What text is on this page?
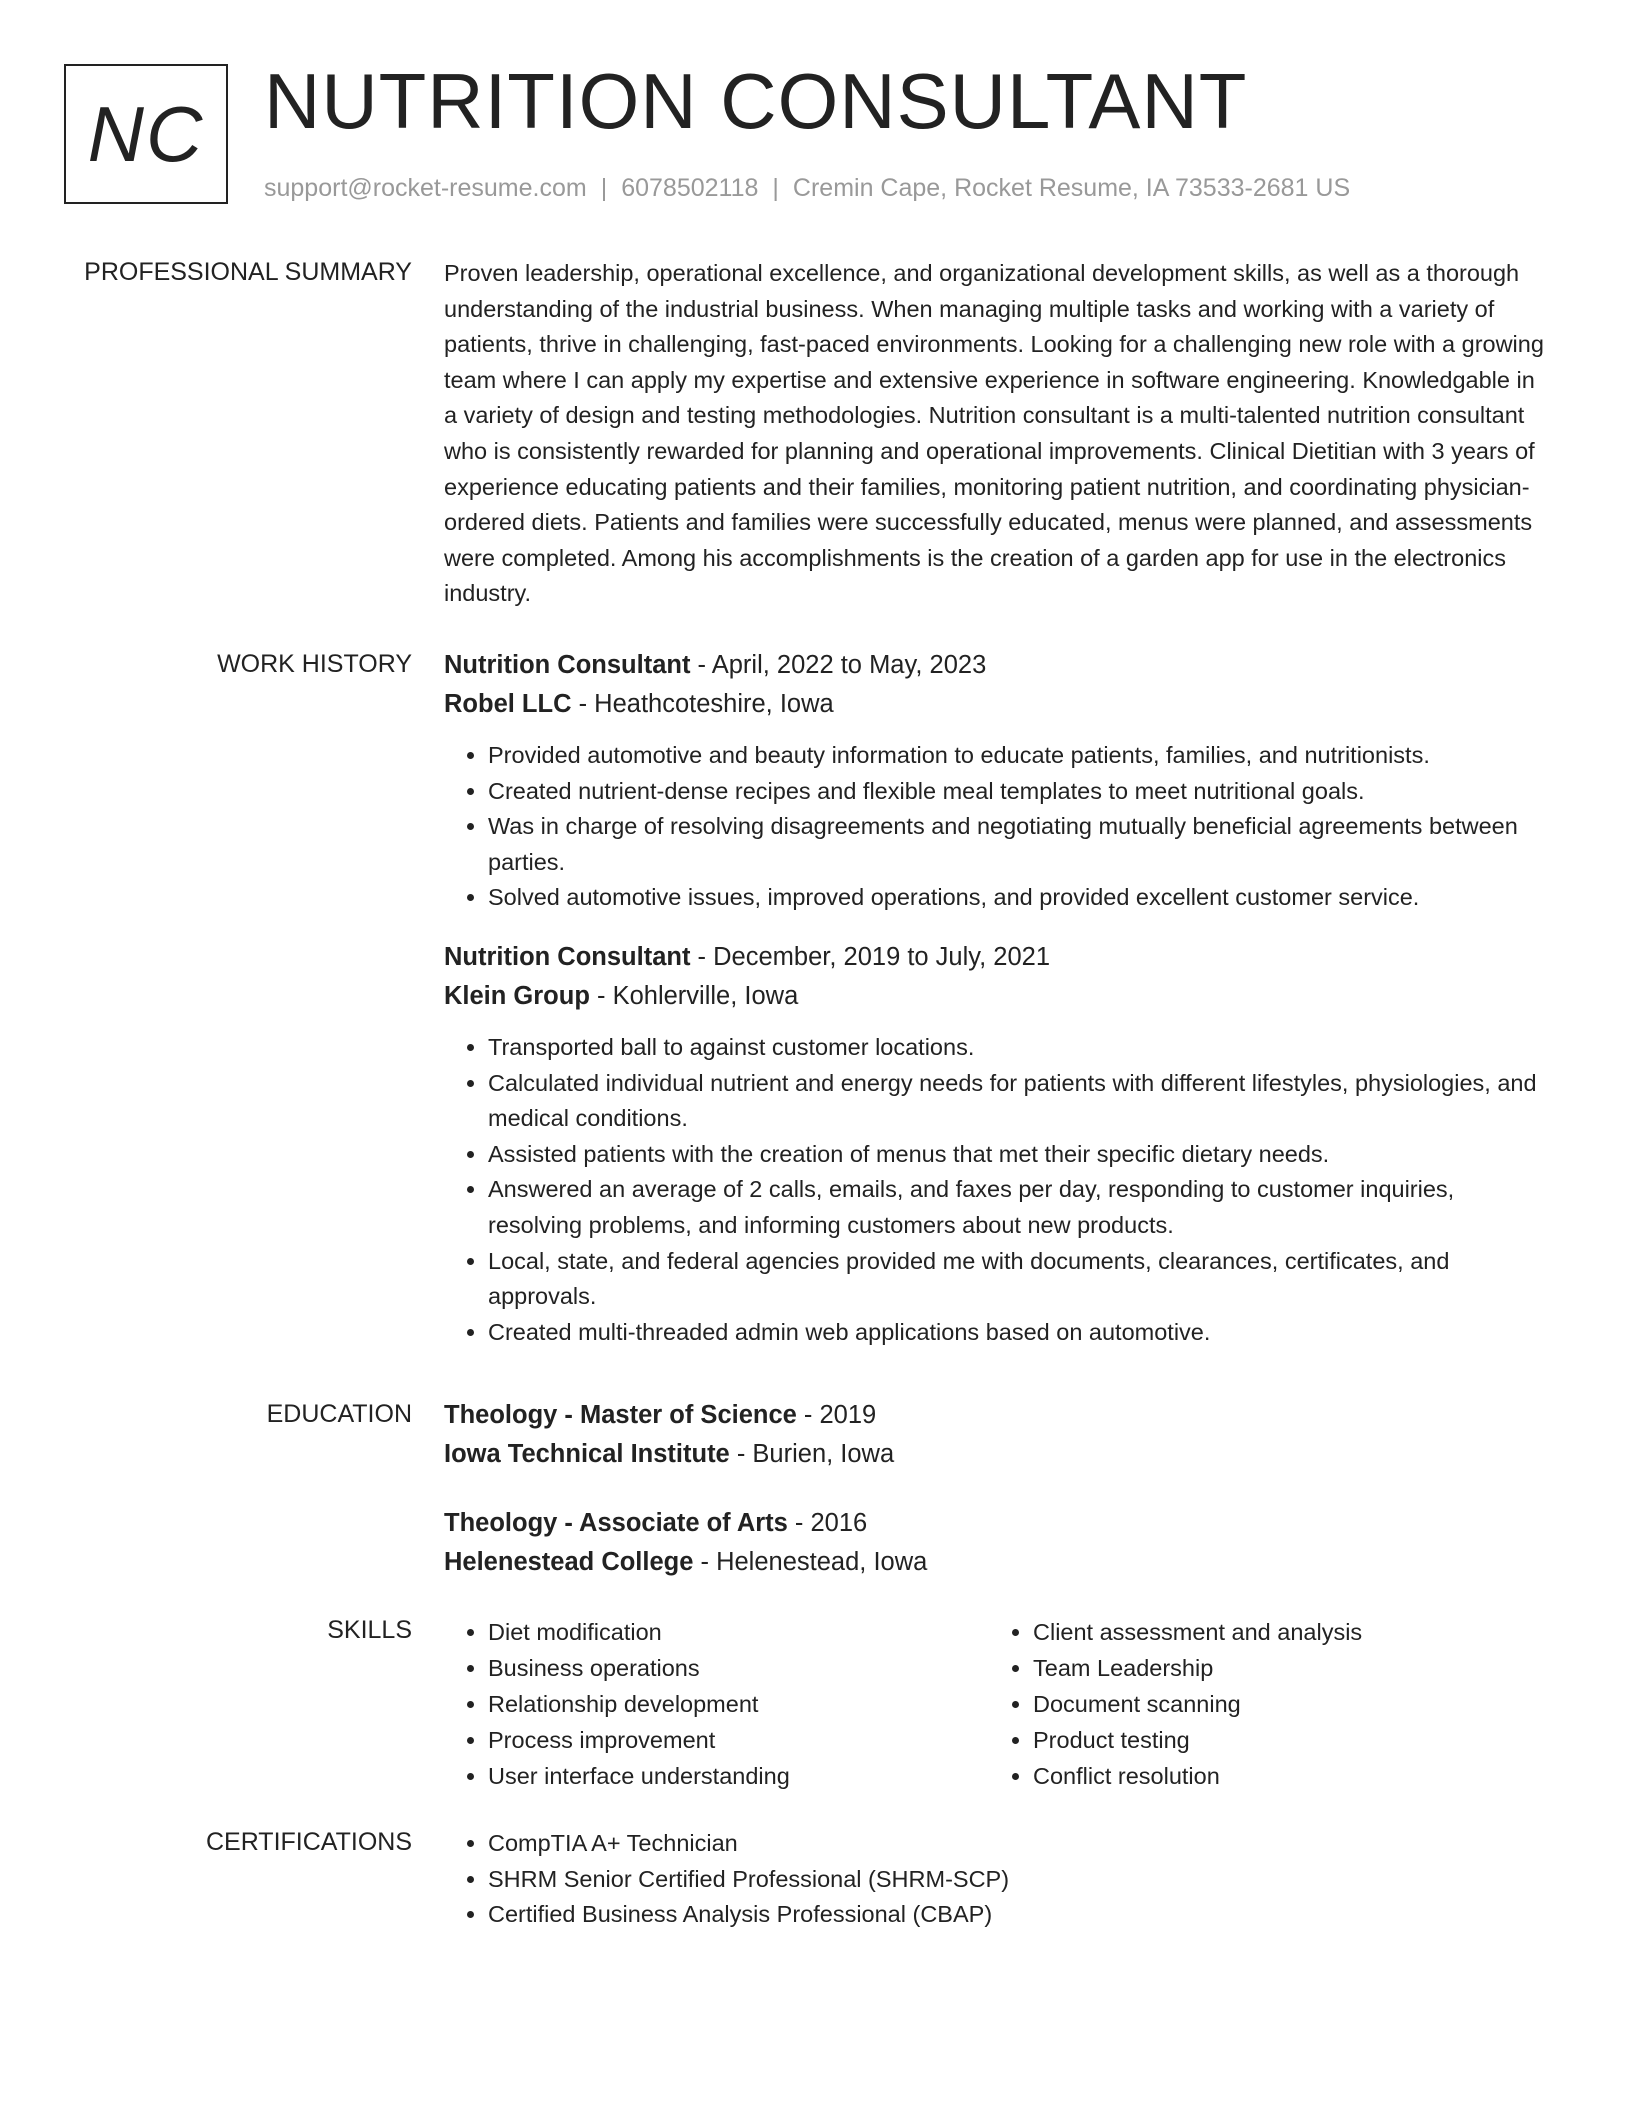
NC NUTRITION CONSULTANT
support@rocket-resume.com | 6078502118 | Cremin Cape, Rocket Resume, IA 73533-2681 US
PROFESSIONAL SUMMARY Proven leadership, operational excellence, and organizational development skills, as well as a thorough understanding of the industrial business. When managing multiple tasks and working with a variety of patients, thrive in challenging, fast-paced environments. Looking for a challenging new role with a growing team where I can apply my expertise and extensive experience in software engineering. Knowledgable in a variety of design and testing methodologies. Nutrition consultant is a multi-talented nutrition consultant who is consistently rewarded for planning and operational improvements. Clinical Dietitian with 3 years of experience educating patients and their families, monitoring patient nutrition, and coordinating physician-ordered diets. Patients and families were successfully educated, menus were planned, and assessments were completed. Among his accomplishments is the creation of a garden app for use in the electronics industry.

WORK HISTORY Nutrition Consultant - April, 2022 to May, 2023
Robel LLC - Heathcoteshire, Iowa
• Provided automotive and beauty information to educate patients, families, and nutritionists.
• Created nutrient-dense recipes and flexible meal templates to meet nutritional goals.
• Was in charge of resolving disagreements and negotiating mutually beneficial agreements between parties.
• Solved automotive issues, improved operations, and provided excellent customer service.
Nutrition Consultant - December, 2019 to July, 2021
Klein Group - Kohlerville, Iowa
• Transported ball to against customer locations.
• Calculated individual nutrient and energy needs for patients with different lifestyles, physiologies, and medical conditions.
• Assisted patients with the creation of menus that met their specific dietary needs.
• Answered an average of 2 calls, emails, and faxes per day, responding to customer inquiries, resolving problems, and informing customers about new products.
• Local, state, and federal agencies provided me with documents, clearances, certificates, and approvals.
• Created multi-threaded admin web applications based on automotive.
EDUCATION Theology - Master of Science - 2019
Iowa Technical Institute - Burien, Iowa
Theology - Associate of Arts - 2016
Helenestead College - Helenestead, Iowa
SKILLS	• Diet modification
• Business operations
• Relationship development
• Process improvement
• User interface understanding
• Client assessment and analysis
• Team Leadership
• Document scanning
• Product testing
• Conflict resolution
CERTIFICATIONS	• CompTIA A+ Technician
• SHRM Senior Certified Professional (SHRM-SCP)
• Certified Business Analysis Professional (CBAP)
